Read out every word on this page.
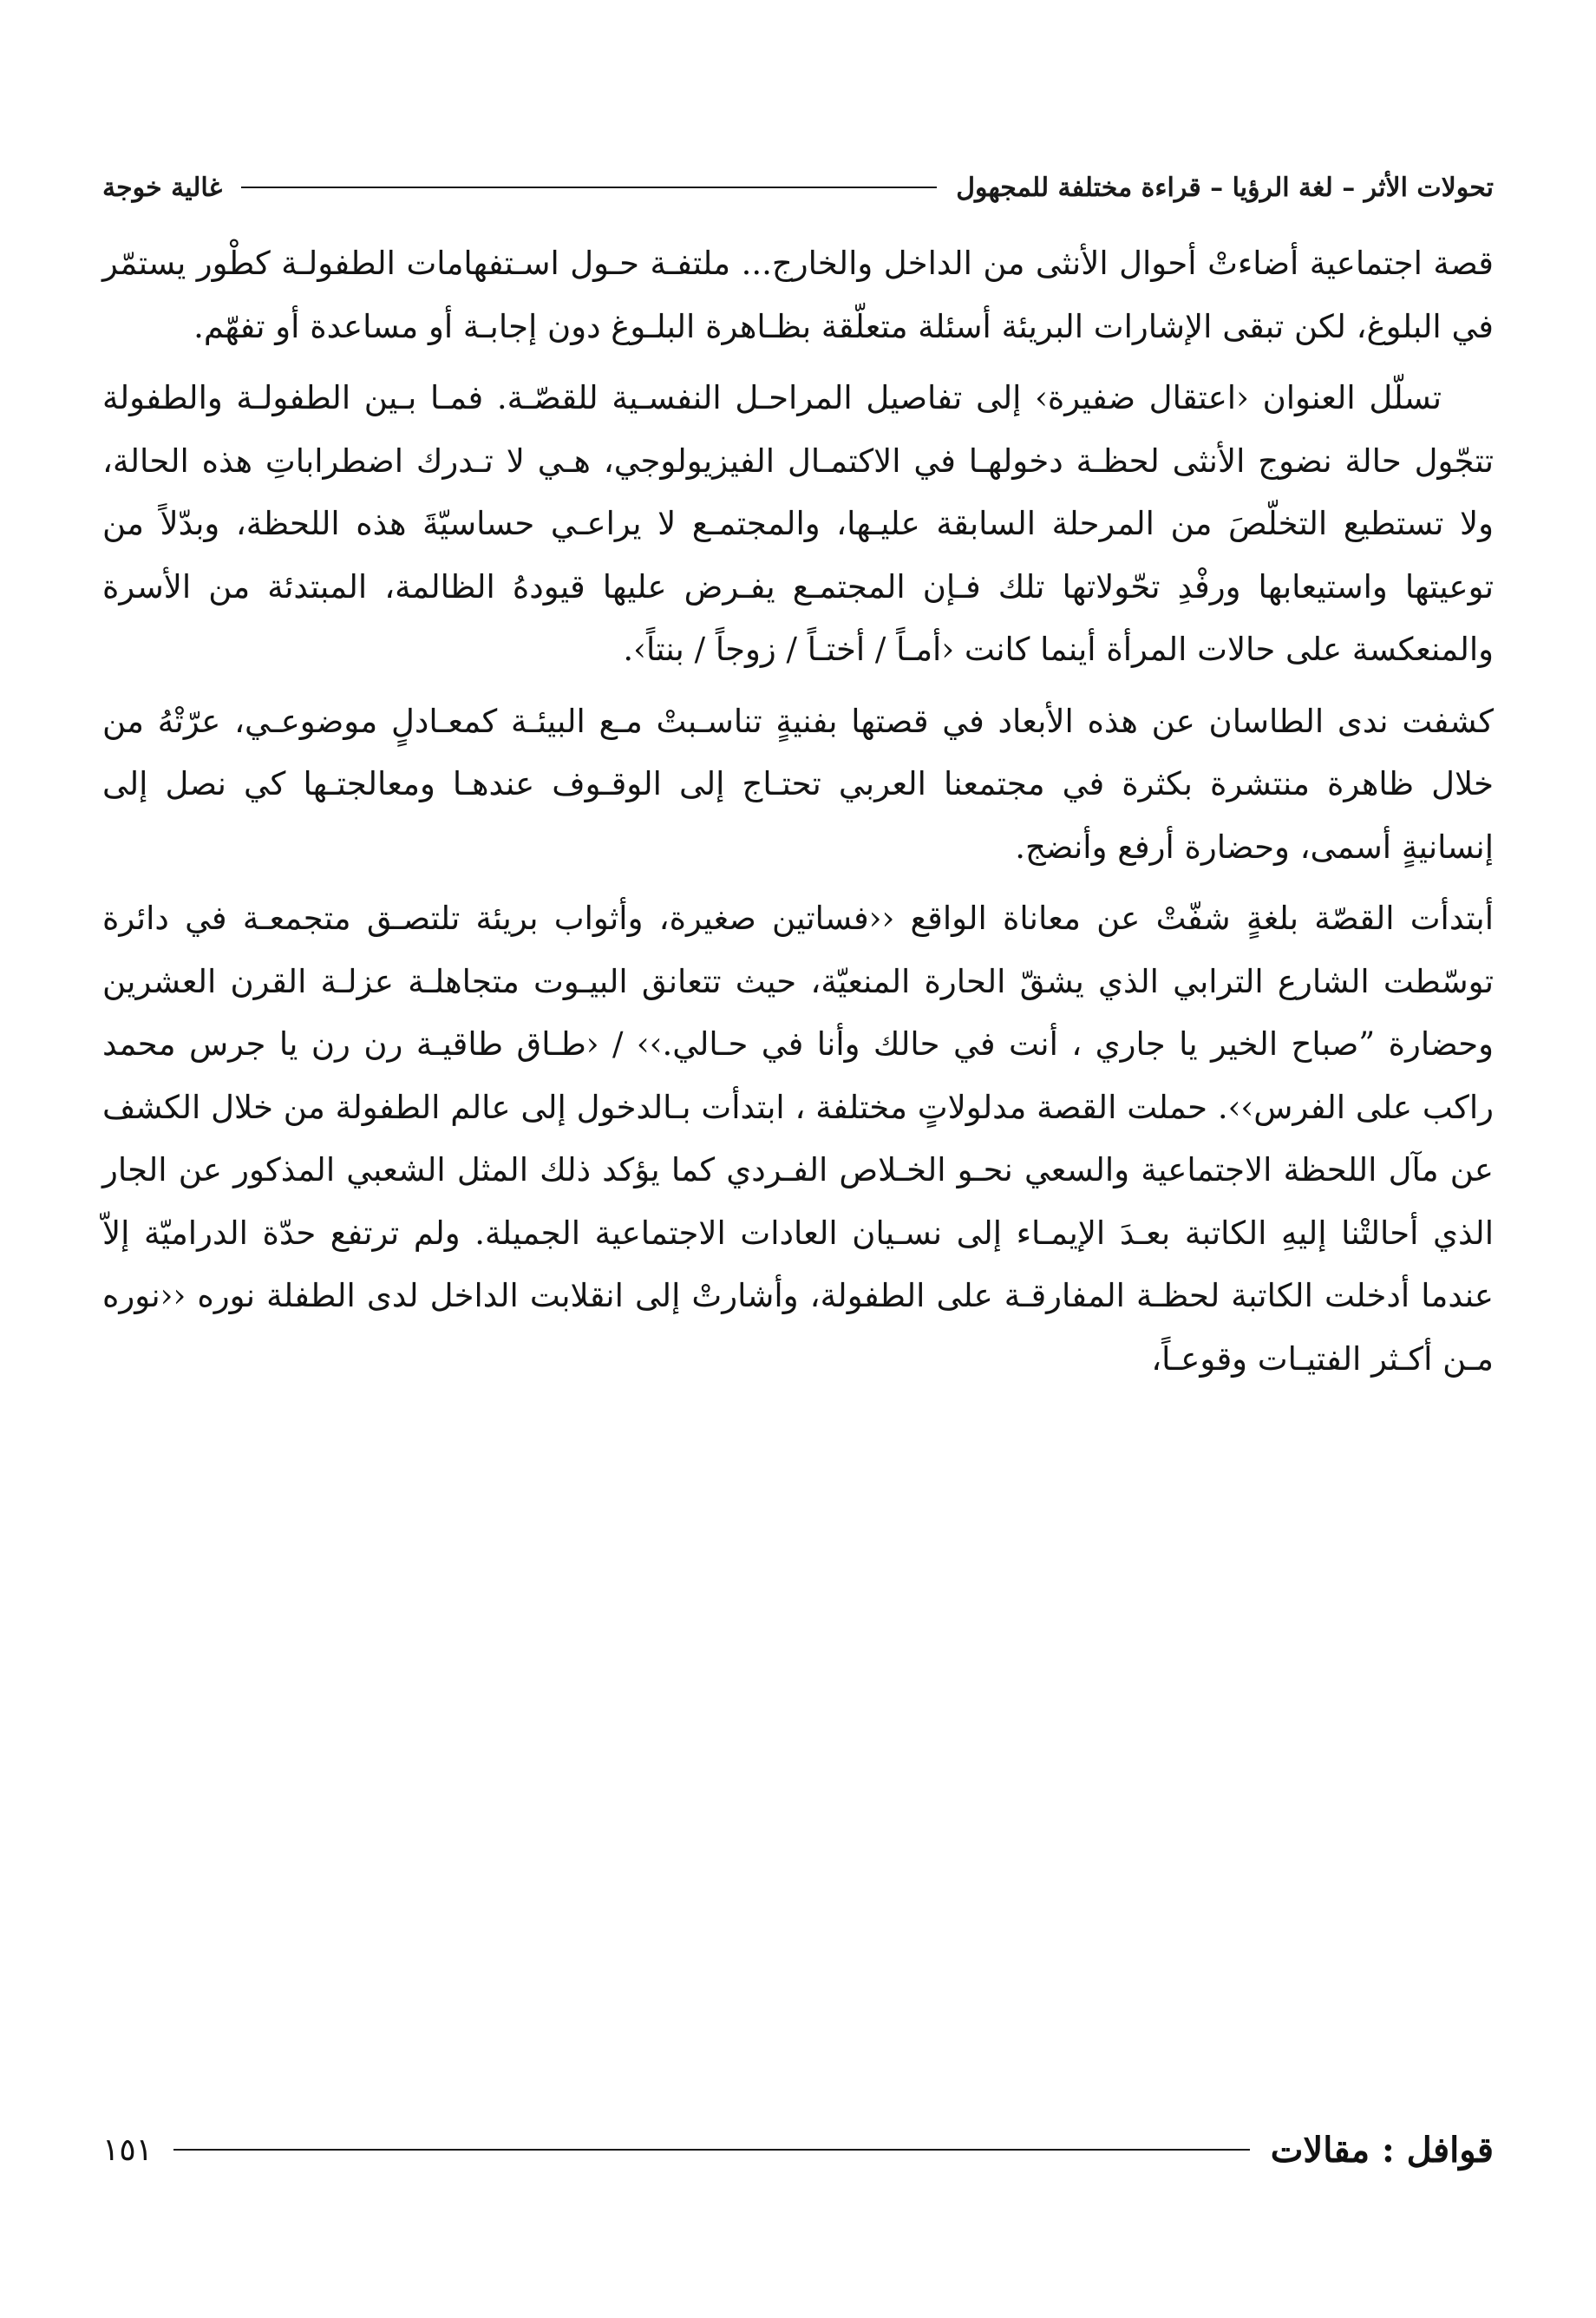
تحولات الأثر – لغة الرؤيا – قراءة مختلفة للمجهول
غالية خوجة

قصة اجتماعية أضاءتْ أحوال الأنثى من الداخل والخارج... ملتفـة حـول اسـتفهامات الطفولـة كطْور يستمّر في البلوغ، لكن تبقى الإشارات البريئة أسئلة متعلّقة بظـاهرة البلـوغ دون إجابـة أو مساعدة أو تفهّم.

تسلّل العنوان ‹اعتقال ضفيرة› إلى تفاصيل المراحـل النفسـية للقصّـة. فمـا بـين الطفولـة والطفولة تتجّول حالة نضوج الأنثى لحظـة دخولهـا في الاكتمـال الفيزيولوجي، هـي لا تـدرك اضطراباتِ هذه الحالة، ولا تستطيع التخلّصَ من المرحلة السابقة عليـها، والمجتمـع لا يراعـي حساسيّةَ هذه اللحظة، وبدّلاً من توعيتها واستيعابها ورفْدِ تحّولاتها تلك فـإن المجتمـع يفـرض عليها قيودهُ الظالمة، المبتدئة من الأسرة والمنعكسة على حالات المرأة أينما كانت ‹أمـاً / أختـاً / زوجاً / بنتاً›.

كشفت ندى الطاسان عن هذه الأبعاد في قصتها بفنيةٍ تناسـبتْ مـع البيئـة كمعـادلٍ موضوعـي، عرّتْهُ من خلال ظاهرة منتشرة بكثرة في مجتمعنا العربي تحتـاج إلى الوقـوف عندهـا ومعالجتـها كي نصل إلى إنسانيةٍ أسمى، وحضارة أرفع وأنضج.

أبتدأت القصّة بلغةٍ شفّتْ عن معاناة الواقع ‹‹فساتين صغيرة، وأثواب بريئة تلتصـق متجمعـة في دائرة توسّطت الشارع الترابي الذي يشقّ الحارة المنعيّة، حيث تتعانق البيـوت متجاهلـة عزلـة القرن العشرين وحضارة ”صباح الخير يا جاري ، أنت في حالك وأنا في حـالي.›› / ‹طـاق طاقيـة رن رن يا جرس محمد راكب على الفرس››. حملت القصة مدلولاتٍ مختلفة ، ابتدأت بـالدخول إلى عالم الطفولة من خلال الكشف عن مآل اللحظة الاجتماعية والسعي نحـو الخـلاص الفـردي كما يؤكد ذلك المثل الشعبي المذكور عن الجار الذي أحالتْنا إليهِ الكاتبة بعـدَ الإيمـاء إلى نسـيان العادات الاجتماعية الجميلة. ولم ترتفع حدّة الدراميّة إلاّ عندما أدخلت الكاتبة لحظـة المفارقـة على الطفولة، وأشارتْ إلى انقلابت الداخل لدى الطفلة نوره ‹‹نوره مـن أكـثر الفتيـات وقوعـاً،

قوافل : مقالات
١٥١
